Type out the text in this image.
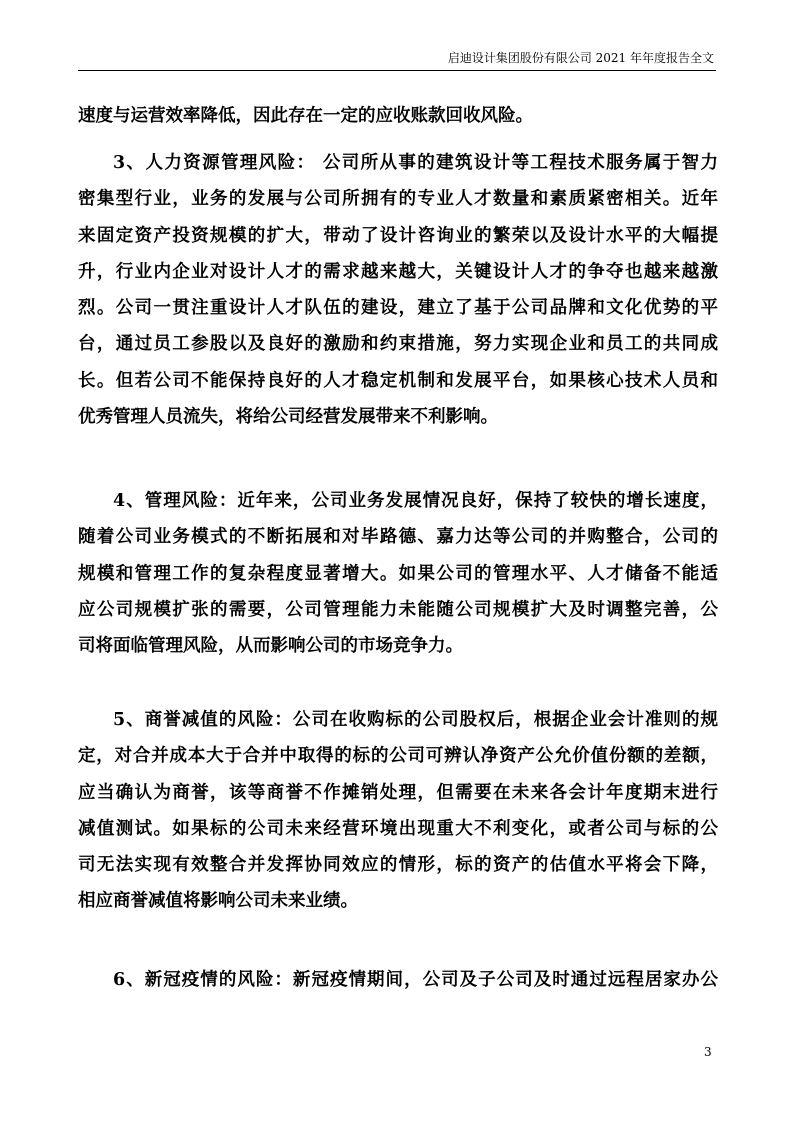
启迪设计集团股份有限公司 2021 年年度报告全文
速度与运营效率降低，因此存在一定的应收账款回收风险。
3、人力资源管理风险： 公司所从事的建筑设计等工程技术服务属于智力
密集型行业，业务的发展与公司所拥有的专业人才数量和素质紧密相关。近年
来固定资产投资规模的扩大，带动了设计咨询业的繁荣以及设计水平的大幅提
升，行业内企业对设计人才的需求越来越大，关键设计人才的争夺也越来越激
烈。公司一贯注重设计人才队伍的建设，建立了基于公司品牌和文化优势的平
台，通过员工参股以及良好的激励和约束措施，努力实现企业和员工的共同成
长。但若公司不能保持良好的人才稳定机制和发展平台，如果核心技术人员和
优秀管理人员流失，将给公司经营发展带来不利影响。
4、管理风险：近年来，公司业务发展情况良好，保持了较快的增长速度，
随着公司业务模式的不断拓展和对毕路德、嘉力达等公司的并购整合，公司的
规模和管理工作的复杂程度显著增大。如果公司的管理水平、人才储备不能适
应公司规模扩张的需要，公司管理能力未能随公司规模扩大及时调整完善，公
司将面临管理风险，从而影响公司的市场竞争力。
5、商誉减值的风险：公司在收购标的公司股权后，根据企业会计准则的规
定，对合并成本大于合并中取得的标的公司可辨认净资产公允价值份额的差额，
应当确认为商誉，该等商誉不作摊销处理，但需要在未来各会计年度期末进行
减值测试。如果标的公司未来经营环境出现重大不利变化，或者公司与标的公
司无法实现有效整合并发挥协同效应的情形，标的资产的估值水平将会下降，
相应商誉减值将影响公司未来业绩。
6、新冠疫情的风险：新冠疫情期间，公司及子公司及时通过远程居家办公
3
